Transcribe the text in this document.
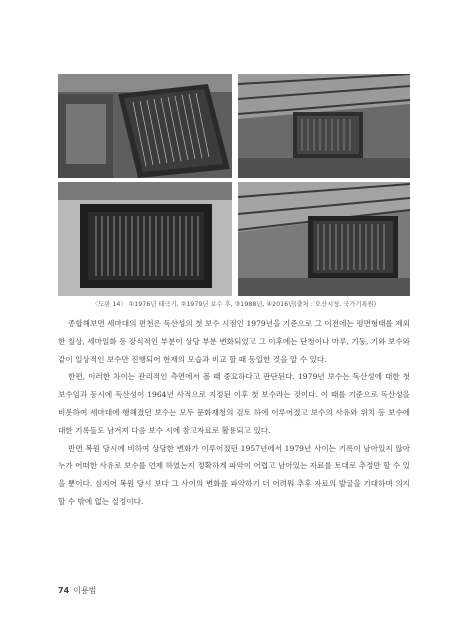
〈도판 14〉 ①1976년 태극기, ②1979년 보수 후, ③1988년, ④2016년(출처 : 오산시청, 국가기록원)

종합해보면 세마대의 편천은 독산성의 첫 보수 시점인 1979년을 기준으로 그 이전에는 평면형태를 제외한 칠상, 세마일화 등 장식적인 부분이 상당 부분 변화되었고 그 이후에는 단청이나 마루, 기둥, 기와 보수와 같이 일상적인 보수만 진행되어 현재의 모습과 비교 할 때 동일한 것을 알 수 있다.

한편, 이러한 차이는 관리적인 측면에서 볼 때 중요하다고 판단된다. 1979년 보수는 독산성에 대한 첫 보수임과 동시에 독산성이 1964년 사적으로 지정된 이후 첫 보수라는 것이다. 이 때를 기준으로 독산성을 비롯하여 세마대에 행해졌던 보수는 모두 문화재청의 검토 하에 이루어졌고 보수의 사유와 위치 등 보수에 대한 기록들도 남겨져 다음 보수 시에 참고자료로 활용되고 있다.

반면 복원 당시에 비하여 상당한 변화가 이루어졌던 1957년에서 1979년 사이는 기록이 남아있지 않아 누가 어떠한 사유로 보수를 언제 하였는지 정확하게 파악이 어렵고 남아있는 자료를 토대로 추정만 할 수 있을 뿐이다. 심지어 복원 당시 보다 그 사이의 변화를 파악하기 더 어려워 추후 자료의 발굴을 기대하며 의지 할 수 밖에 없는 실정이다.

74 이용범
